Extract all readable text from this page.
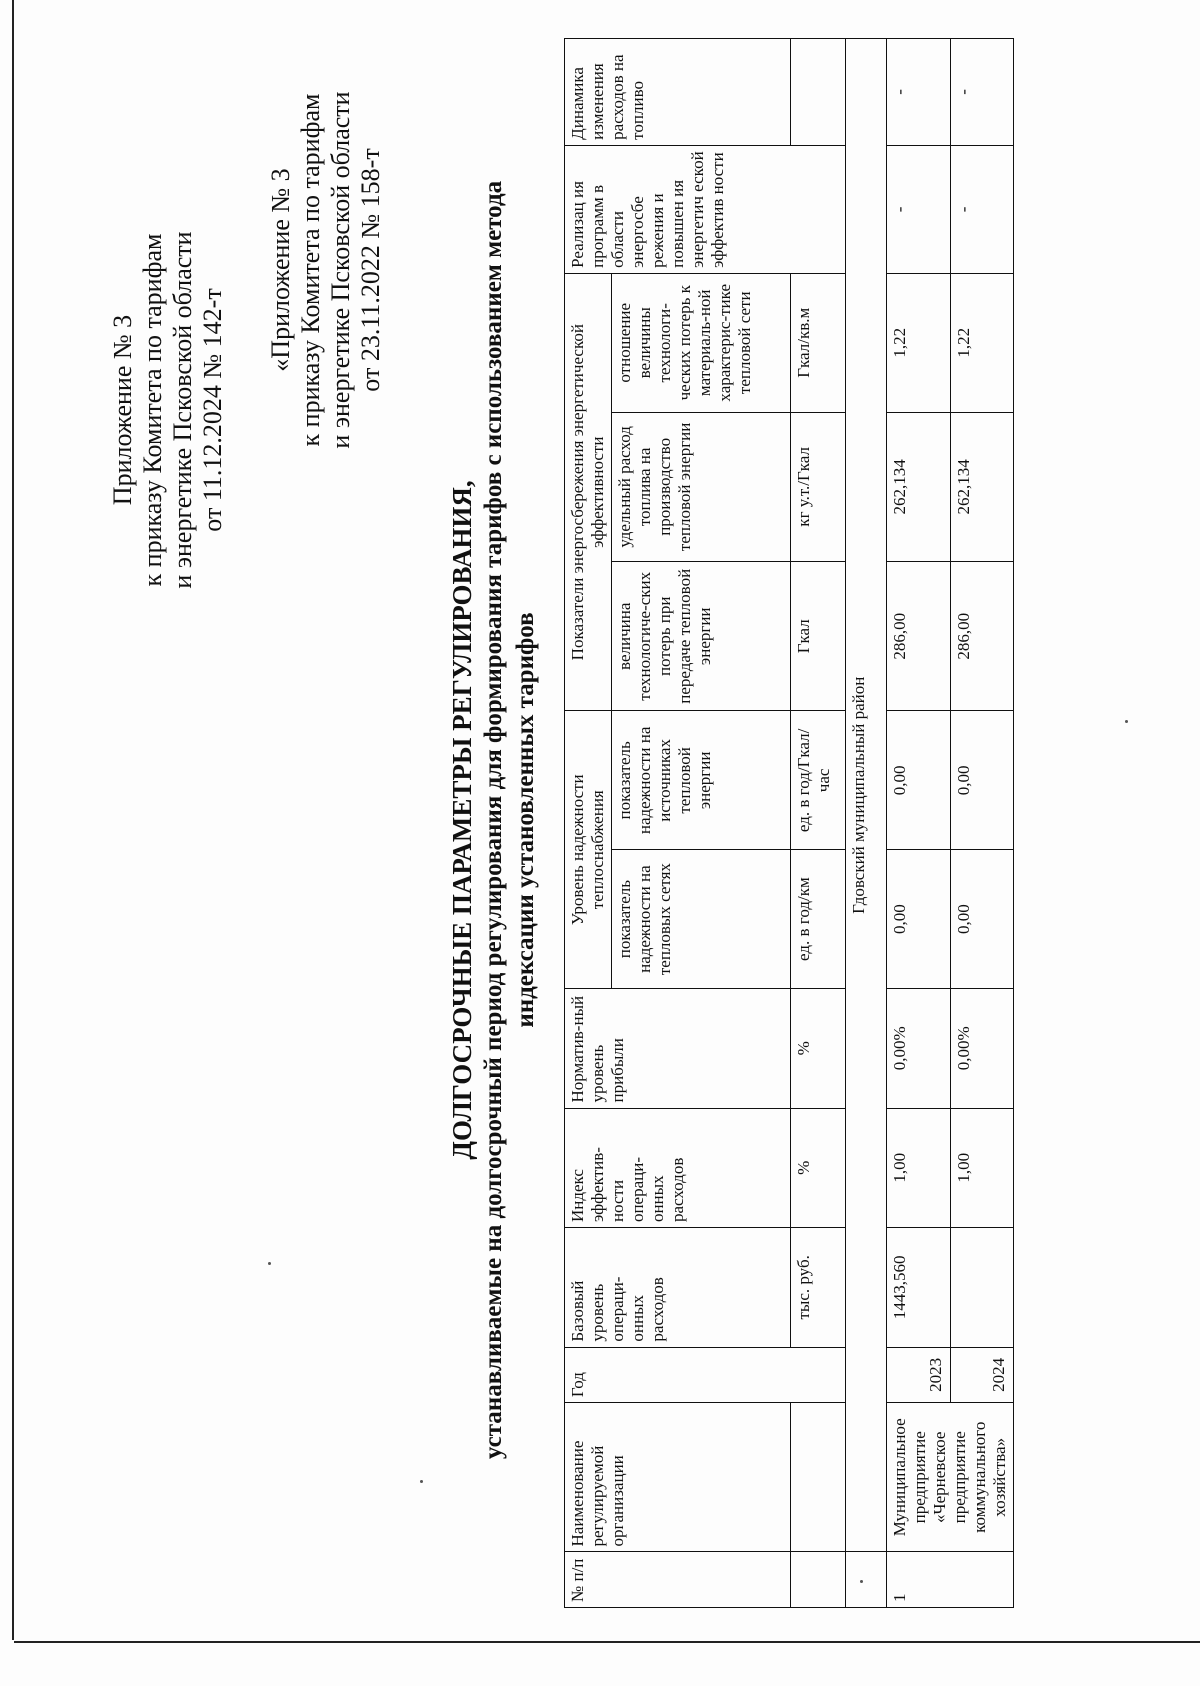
Приложение № 3 к приказу Комитета по тарифам и энергетике Псковской области от 11.12.2024 № 142-т
«Приложение № 3 к приказу Комитета по тарифам и энергетике Псковской области от 23.11.2022 № 158-т
ДОЛГОСРОЧНЫЕ ПАРАМЕТРЫ РЕГУЛИРОВАНИЯ, устанавливаемые на долгосрочный период регулирования для формирования тарифов с использованием метода индексации установленных тарифов
№ п/п	Наименование регулируемой организации	Год	Базовый уровень операци-онных расходов	Индекс эффектив-ности операци-онных расходов	Норматив-ный уровень прибыли	Уровень надежности теплоснабжения		Показатели энергосбережения энергетической эффективности			Реализац ия программ в области энергосбе режения и повышен ия энергетич еской эффектив ности	Динамика изменения расходов на топливо
						показатель надежности на тепловых сетях	показатель надежности на источниках тепловой энергии	величина технологиче-ских потерь при передаче тепловой энергии	удельный расход топлива на производство тепловой энергии	отношение величины технологи-ческих потерь к материаль-ной характерис-тике тепловой сети		
			тыс. руб.	%	%	ед. в год/км	ед. в год/Гкал/ час	Гкал	кг у.т./Гкал	Гкал/кв.м		
	Гдовский муниципальный район											
1	Муниципальное предприятие «Черневское предприятие коммунального хозяйства»	2023	1443,560	1,00	0,00%	0,00	0,00	286,00	262,134	1,22	-	-
		2024		1,00	0,00%	0,00	0,00	286,00	262,134	1,22	-	-
